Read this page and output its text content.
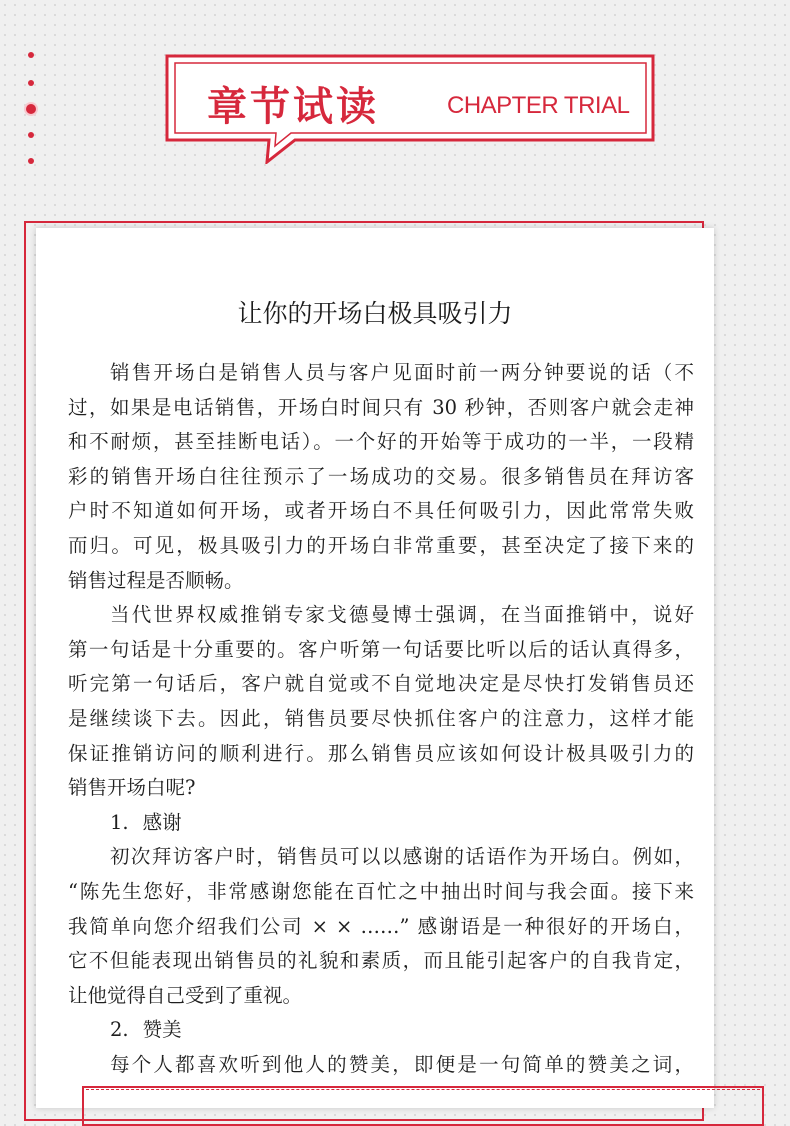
章节试读	CHAPTER TRIAL
让你的开场白极具吸引力
销售开场白是销售人员与客户见面时前一两分钟要说的话（不
过，如果是电话销售，开场白时间只有 30 秒钟，否则客户就会走神
和不耐烦，甚至挂断电话）。一个好的开始等于成功的一半，一段精
彩的销售开场白往往预示了一场成功的交易。很多销售员在拜访客
户时不知道如何开场，或者开场白不具任何吸引力，因此常常失败
而归。可见，极具吸引力的开场白非常重要，甚至决定了接下来的
销售过程是否顺畅。
当代世界权威推销专家戈德曼博士强调，在当面推销中，说好
第一句话是十分重要的。客户听第一句话要比听以后的话认真得多，
听完第一句话后，客户就自觉或不自觉地决定是尽快打发销售员还
是继续谈下去。因此，销售员要尽快抓住客户的注意力，这样才能
保证推销访问的顺利进行。那么销售员应该如何设计极具吸引力的
销售开场白呢?
1. 感谢
初次拜访客户时，销售员可以以感谢的话语作为开场白。例如，
“陈先生您好，非常感谢您能在百忙之中抽出时间与我会面。接下来
我简单向您介绍我们公司 × × ……” 感谢语是一种很好的开场白，
它不但能表现出销售员的礼貌和素质，而且能引起客户的自我肯定，
让他觉得自己受到了重视。
2. 赞美
每个人都喜欢听到他人的赞美，即便是一句简单的赞美之词，
